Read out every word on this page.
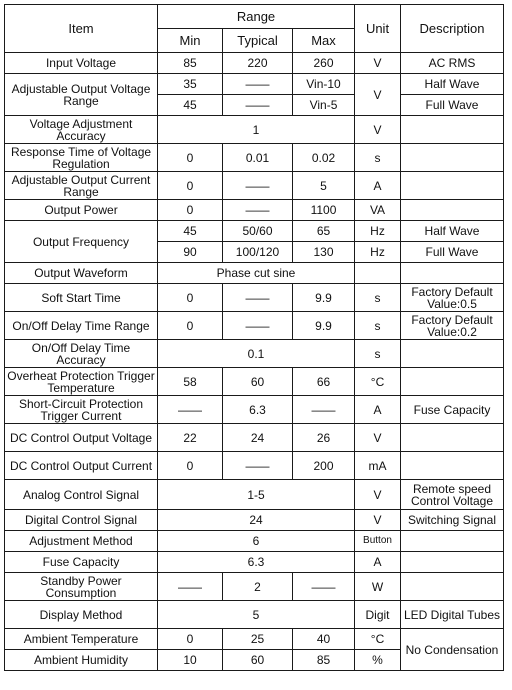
Item	Range			Unit	Description
	Min	Typical	Max		
Input Voltage	85	220	260	V	AC RMS
Adjustable Output Voltage Range	35	——	Vin-10	V	Half Wave
	45	——	Vin-5		Full Wave
Voltage Adjustment Accuracy	1			V	
Response Time of Voltage Regulation	0	0.01	0.02	s	
Adjustable Output Current Range	0	——	5	A	
Output Power	0	——	1100	VA	
Output Frequency	45	50/60	65	Hz	Half Wave
	90	100/120	130	Hz	Full Wave
Output Waveform	Phase cut sine				
Soft Start Time	0	——	9.9	s	Factory Default Value:0.5
On/Off Delay Time Range	0	——	9.9	s	Factory Default Value:0.2
On/Off Delay Time Accuracy	0.1			s	
Overheat Protection Trigger Temperature	58	60	66	°C	
Short-Circuit Protection Trigger Current	——	6.3	——	A	Fuse Capacity
DC Control Output Voltage	22	24	26	V	
DC Control Output Current	0	——	200	mA	
Analog Control Signal	1-5			V	Remote speed Control Voltage
Digital Control Signal	24			V	Switching Signal
Adjustment Method	6			Button	
Fuse Capacity	6.3			A	
Standby Power Consumption	——	2	——	W	
Display Method	5			Digit	LED Digital Tubes
Ambient Temperature	0	25	40	°C	No Condensation
Ambient Humidity	10	60	85	%	
